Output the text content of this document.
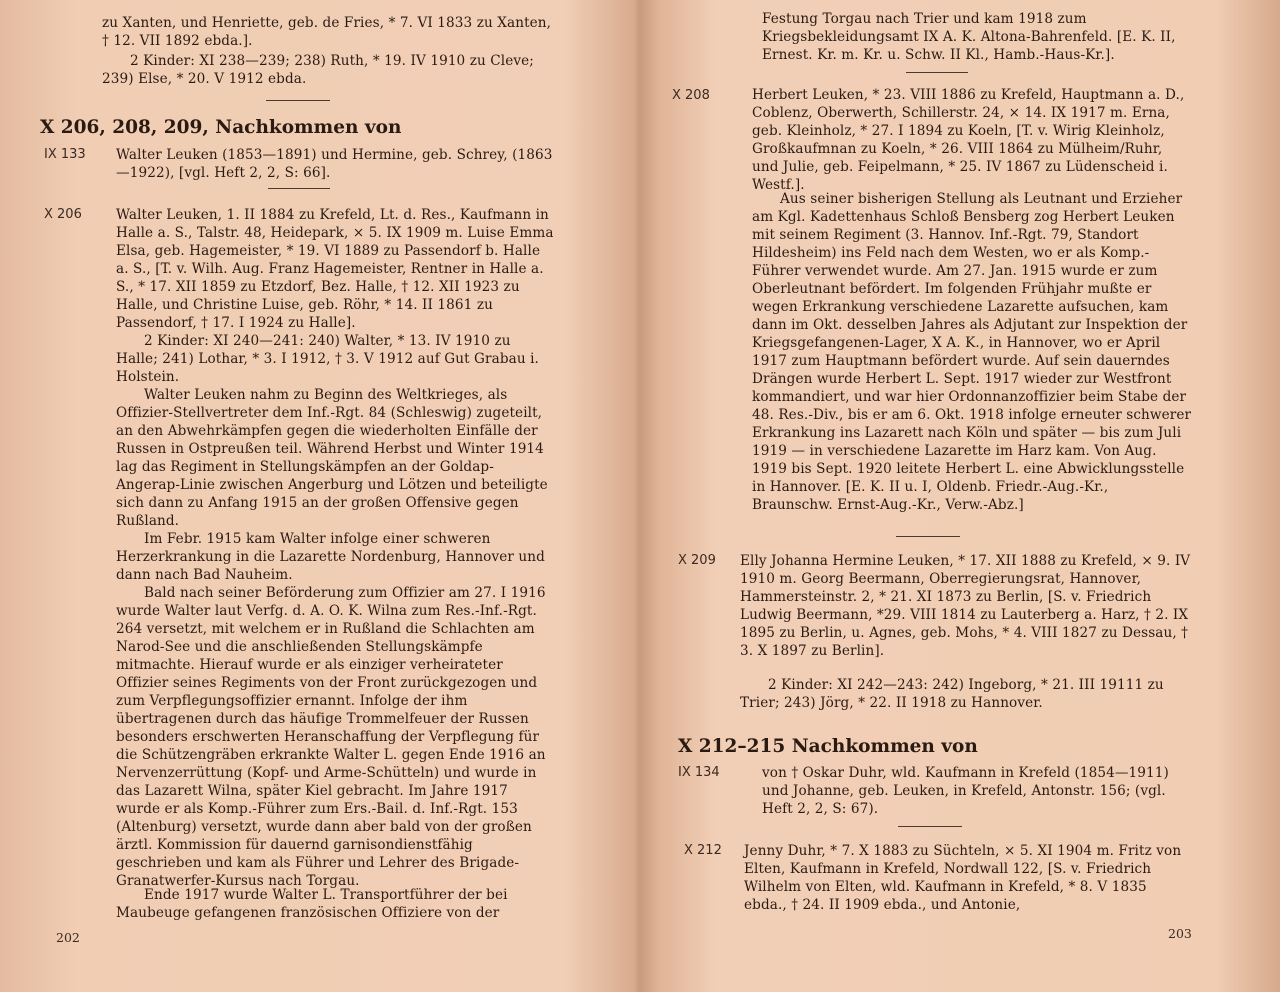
zu Xanten, und Henriette, geb. de Fries, * 7. VI 1833 zu Xanten, † 12. VII 1892 ebda.].

2 Kinder: XI 238—239; 238) Ruth, * 19. IV 1910 zu Cleve; 239) Else, * 20. V 1912 ebda.

X 206, 208, 209, Nachkommen von
IX 133 Walter Leuken (1853—1891) und Hermine, geb. Schrey, (1863—1922), [vgl. Heft 2, 2, S: 66].

X 206	Walter Leuken, 1. II 1884 zu Krefeld, Lt. d. Res., Kaufmann in Halle a. S., Talstr. 48, Heidepark, × 5. IX 1909 m. Luise Emma Elsa, geb. Hagemeister, * 19. VI 1889 zu Passendorf b. Halle a. S., [T. v. Wilh. Aug. Franz Hagemeister, Rentner in Halle a. S., * 17. XII 1859 zu Etzdorf, Bez. Halle, † 12. XII 1923 zu Halle, und Christine Luise, geb. Röhr, * 14. II 1861 zu Passendorf, † 17. I 1924 zu Halle].

2 Kinder: XI 240—241: 240) Walter, * 13. IV 1910 zu Halle; 241) Lothar, * 3. I 1912, † 3. V 1912 auf Gut Grabau i. Holstein.

Walter Leuken nahm zu Beginn des Weltkrieges, als Offizier-Stellvertreter dem Inf.-Rgt. 84 (Schleswig) zugeteilt, an den Abwehrkämpfen gegen die wiederholten Einfälle der Russen in Ostpreußen teil. Während Herbst und Winter 1914 lag das Regiment in Stellungskämpfen an der Goldap-Angerap-Linie zwischen Angerburg und Lötzen und beteiligte sich dann zu Anfang 1915 an der großen Offensive gegen Rußland.

Im Febr. 1915 kam Walter infolge einer schweren Herzerkrankung in die Lazarette Nordenburg, Hannover und dann nach Bad Nauheim.

Bald nach seiner Beförderung zum Offizier am 27. I 1916 wurde Walter laut Verfg. d. A. O. K. Wilna zum Res.-Inf.-Rgt. 264 versetzt, mit welchem er in Rußland die Schlachten am Narod-See und die anschließenden Stellungskämpfe mitmachte. Hierauf wurde er als einziger verheirateter Offizier seines Regiments von der Front zurückgezogen und zum Verpflegungsoffizier ernannt. Infolge der ihm übertragenen durch das häufige Trommelfeuer der Russen besonders erschwerten Heranschaffung der Verpflegung für die Schützengräben erkrankte Walter L. gegen Ende 1916 an Nervenzerrüttung (Kopf- und Arme-Schütteln) und wurde in das Lazarett Wilna, später Kiel gebracht. Im Jahre 1917 wurde er als Komp.-Führer zum Ers.-Bail. d. Inf.-Rgt. 153 (Altenburg) versetzt, wurde dann aber bald von der großen ärztl. Kommission für dauernd garnisondienstfähig geschrieben und kam als Führer und Lehrer des Brigade-Granatwerfer-Kursus nach Torgau.

Ende 1917 wurde Walter L. Transportführer der bei Maubeuge gefangenen französischen Offiziere von der

202

Festung Torgau nach Trier und kam 1918 zum Kriegsbekleidungsamt IX A. K. Altona-Bahrenfeld. [E. K. II, Ernest. Kr. m. Kr. u. Schw. II Kl., Hamb.-Haus-Kr.].

X 208	Herbert Leuken, * 23. VIII 1886 zu Krefeld, Hauptmann a. D., Coblenz, Oberwerth, Schillerstr. 24, × 14. IX 1917 m. Erna, geb. Kleinholz, * 27. I 1894 zu Koeln, [T. v. Wirig Kleinholz, Großkaufmnan zu Koeln, * 26. VIII 1864 zu Mülheim/Ruhr, und Julie, geb. Feipelmann, * 25. IV 1867 zu Lüdenscheid i. Westf.].

Aus seiner bisherigen Stellung als Leutnant und Erzieher am Kgl. Kadettenhaus Schloß Bensberg zog Herbert Leuken mit seinem Regiment (3. Hannov. Inf.-Rgt. 79, Standort Hildesheim) ins Feld nach dem Westen, wo er als Komp.-Führer verwendet wurde. Am 27. Jan. 1915 wurde er zum Oberleutnant befördert. Im folgenden Frühjahr mußte er wegen Erkrankung verschiedene Lazarette aufsuchen, kam dann im Okt. desselben Jahres als Adjutant zur Inspektion der Kriegsgefangenen-Lager, X A. K., in Hannover, wo er April 1917 zum Hauptmann befördert wurde. Auf sein dauerndes Drängen wurde Herbert L. Sept. 1917 wieder zur Westfront kommandiert, und war hier Ordonnanzoffizier beim Stabe der 48. Res.-Div., bis er am 6. Okt. 1918 infolge erneuter schwerer Erkrankung ins Lazarett nach Köln und später — bis zum Juli 1919 — in verschiedene Lazarette im Harz kam. Von Aug. 1919 bis Sept. 1920 leitete Herbert L. eine Abwicklungsstelle in Hannover. [E. K. II u. I, Oldenb. Friedr.-Aug.-Kr., Braunschw. Ernst-Aug.-Kr., Verw.-Abz.]

X 209 Elly Johanna Hermine Leuken, * 17. XII 1888 zu Krefeld, × 9. IV 1910 m. Georg Beermann, Oberregierungsrat, Hannover, Hammersteinstr. 2, * 21. XI 1873 zu Berlin, [S. v. Friedrich Ludwig Beermann, *29. VIII 1814 zu Lauterberg a. Harz, † 2. IX 1895 zu Berlin, u. Agnes, geb. Mohs, * 4. VIII 1827 zu Dessau, † 3. X 1897 zu Berlin].

2 Kinder: XI 242—243: 242) Ingeborg, * 21. III 19111 zu Trier; 243) Jörg, * 22. II 1918 zu Hannover.

X 212–215 Nachkommen von
IX 134	von † Oskar Duhr, wld. Kaufmann in Krefeld (1854—1911) und Johanne, geb. Leuken, in Krefeld, Antonstr. 156; (vgl. Heft 2, 2, S: 67).

X 212 Jenny Duhr, * 7. X 1883 zu Süchteln, × 5. XI 1904 m. Fritz von Elten, Kaufmann in Krefeld, Nordwall 122, [S. v. Friedrich Wilhelm von Elten, wld. Kaufmann in Krefeld, * 8. V 1835 ebda., † 24. II 1909 ebda., und Antonie,

203
